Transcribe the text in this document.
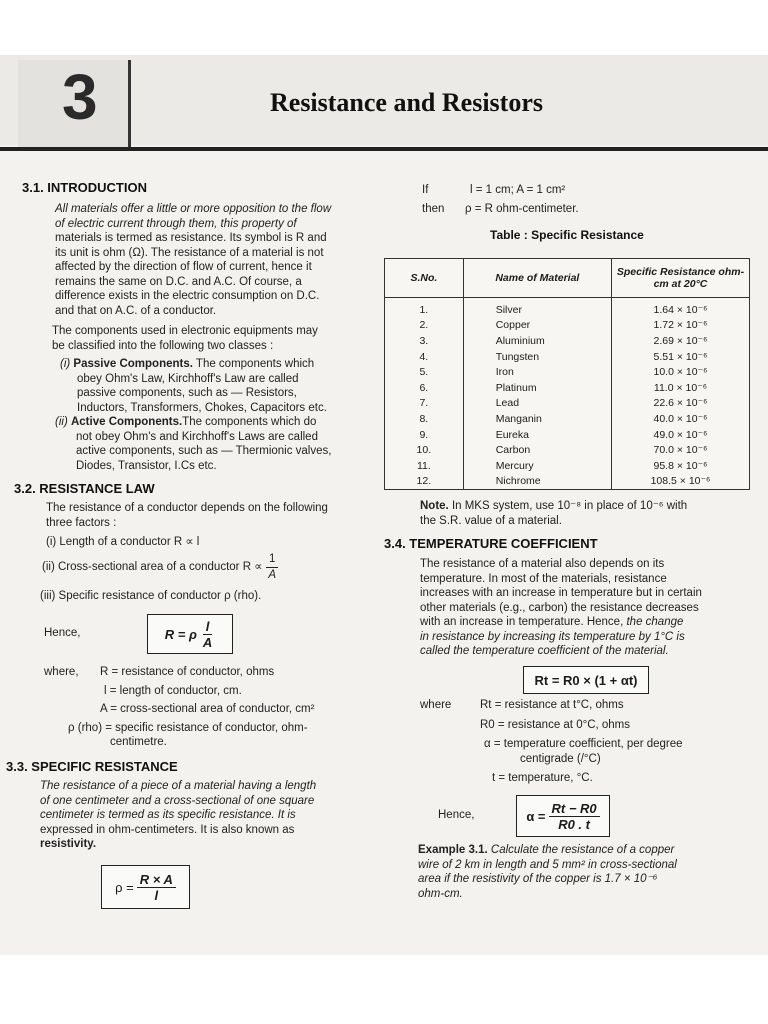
3	Resistance and Resistors
3.1. INTRODUCTION
All materials offer a little or more opposition to the flow
of electric current through them, this property of
materials is termed as resistance. Its symbol is R and
its unit is ohm (Ω). The resistance of a material is not
affected by the direction of flow of current, hence it
remains the same on D.C. and A.C. Of course, a
difference exists in the electric consumption on D.C.
and that on A.C. of a conductor.
The components used in electronic equipments may
be classified into the following two classes :
(i) Passive Components. The components which
obey Ohm's Law, Kirchhoff's Law are called
passive components, such as — Resistors,
Inductors, Transformers, Chokes, Capacitors etc.
(ii) Active Components.The components which do
not obey Ohm's and Kirchhoff's Laws are called
active components, such as — Thermionic valves,
Diodes, Transistor, I.Cs etc.
3.2. RESISTANCE LAW
The resistance of a conductor depends on the following
three factors :
(i) Length of a conductor R ∝ l
(ii) Cross-sectional area of a conductor $R \propto \frac{1}{A}$
(iii) Specific resistance of conductor ρ (rho).
Hence,	R = ρ $\frac{l}{A}$
where, R = resistance of conductor, ohms
l = length of conductor, cm.
A = cross-sectional area of conductor, cm²
ρ (rho) = specific resistance of conductor, ohm-
centimetre.
3.3. SPECIFIC RESISTANCE
The resistance of a piece of a material having a length
of one centimeter and a cross-sectional of one square
centimeter is termed as its specific resistance. It is
expressed in ohm-centimeters. It is also known as
resistivity.
$\rho = \frac{R \times A}{l}$
If	l = 1 cm; A = 1 cm²
then ρ = R ohm-centimeter.
Table : Specific Resistance
S.No.	Name of Material	Specific Resistance ohm-cm at 20°C
1.	Silver	1.64 × 10⁻⁶
2.	Copper	1.72 × 10⁻⁶
3.	Aluminium	2.69 × 10⁻⁶
4.	Tungsten	5.51 × 10⁻⁶
5.	Iron	10.0 × 10⁻⁶
6.	Platinum	11.0 × 10⁻⁶
7.	Lead	22.6 × 10⁻⁶
8.	Manganin	40.0 × 10⁻⁶
9.	Eureka	49.0 × 10⁻⁶
10.	Carbon	70.0 × 10⁻⁶
11.	Mercury	95.8 × 10⁻⁶
12.	Nichrome	108.5 × 10⁻⁶
Note. In MKS system, use 10⁻⁸ in place of 10⁻⁶ with
the S.R. value of a material.
3.4. TEMPERATURE COEFFICIENT
The resistance of a material also depends on its
temperature. In most of the materials, resistance
increases with an increase in temperature but in certain
other materials (e.g., carbon) the resistance decreases
with an increase in temperature. Hence, the change
in resistance by increasing its temperature by 1°C is
called the temperature coefficient of the material.
Rt = R0 × (1 + αt)
where Rt = resistance at t°C, ohms
R0 = resistance at 0°C, ohms
α = temperature coefficient, per degree
centigrade (/°C)
t = temperature, °C.
Hence,	$\alpha = \frac{Rt - R0}{R0 . t}$
Example 3.1. Calculate the resistance of a copper
wire of 2 km in length and 5 mm² in cross-sectional
area if the resistivity of the copper is 1.7 × 10⁻⁶
ohm-cm.
